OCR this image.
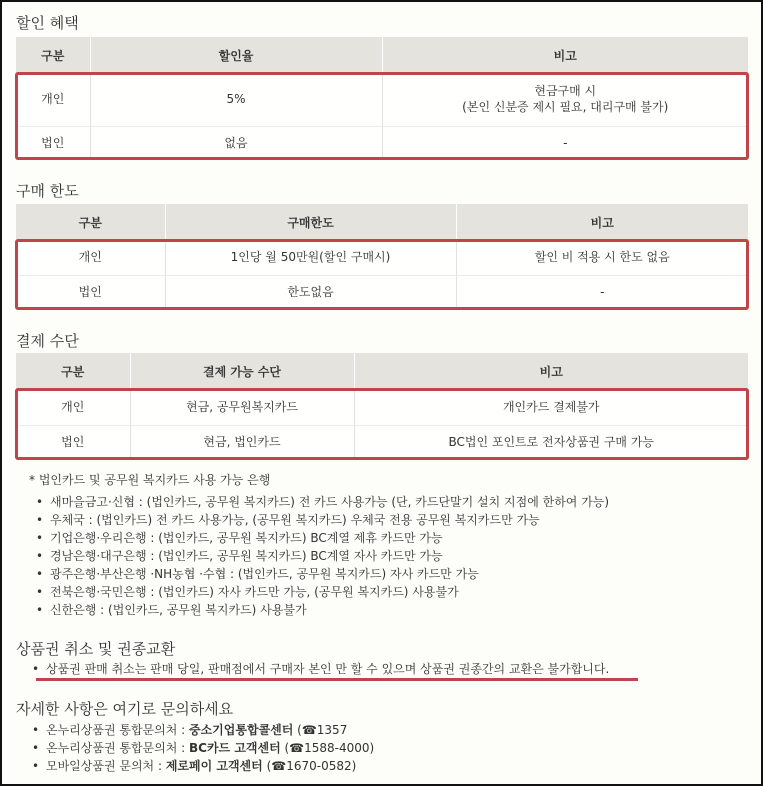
할인 혜택
구분	할인율	비고
개인	5%	현금구매 시
(본인 신분증 제시 필요, 대리구매 불가)

법인	없음	-
구매 한도
구분	구매한도	비고
개인	1인당 월 50만원(할인 구매시)	할인 비 적용 시 한도 없음
법인	한도없음	-
결제 수단
구분	결제 가능 수단	비고
개인	현금, 공무원복지카드	개인카드 결제불가
법인	현금, 법인카드	BC법인 포인트로 전자상품권 구매 가능
* 법인카드 및 공무원 복지카드 사용 가능 은행
• 새마을금고·신협 : (법인카드, 공무원 복지카드) 전 카드 사용가능 (단, 카드단말기 설치 지점에 한하여 가능)
• 우체국 : (법인카드) 전 카드 사용가능, (공무원 복지카드) 우체국 전용 공무원 복지카드만 가능
• 기업은행·우리은행 : (법인카드, 공무원 복지카드) BC계열 제휴 카드만 가능
• 경남은행·대구은행 : (법인카드, 공무원 복지카드) BC계열 자사 카드만 가능
• 광주은행·부산은행 ·NH농협 ·수협 : (법인카드, 공무원 복지카드) 자사 카드만 가능
• 전북은행·국민은행 : (법인카드) 자사 카드만 가능, (공무원 복지카드) 사용불가
• 신한은행 : (법인카드, 공무원 복지카드) 사용불가
상품권 취소 및 권종교환
• 상품권 판매 취소는 판매 당일, 판매점에서 구매자 본인 만 할 수 있으며 상품권 권종간의 교환은 불가합니다.
자세한 사항은 여기로 문의하세요
• 온누리상품권 통합문의처 : 중소기업통합콜센터 (☎1357
• 온누리상품권 통합문의처 : BC카드 고객센터 (☎1588-4000)
• 모바일상품권 문의처 : 제로페이 고객센터 (☎1670-0582)
